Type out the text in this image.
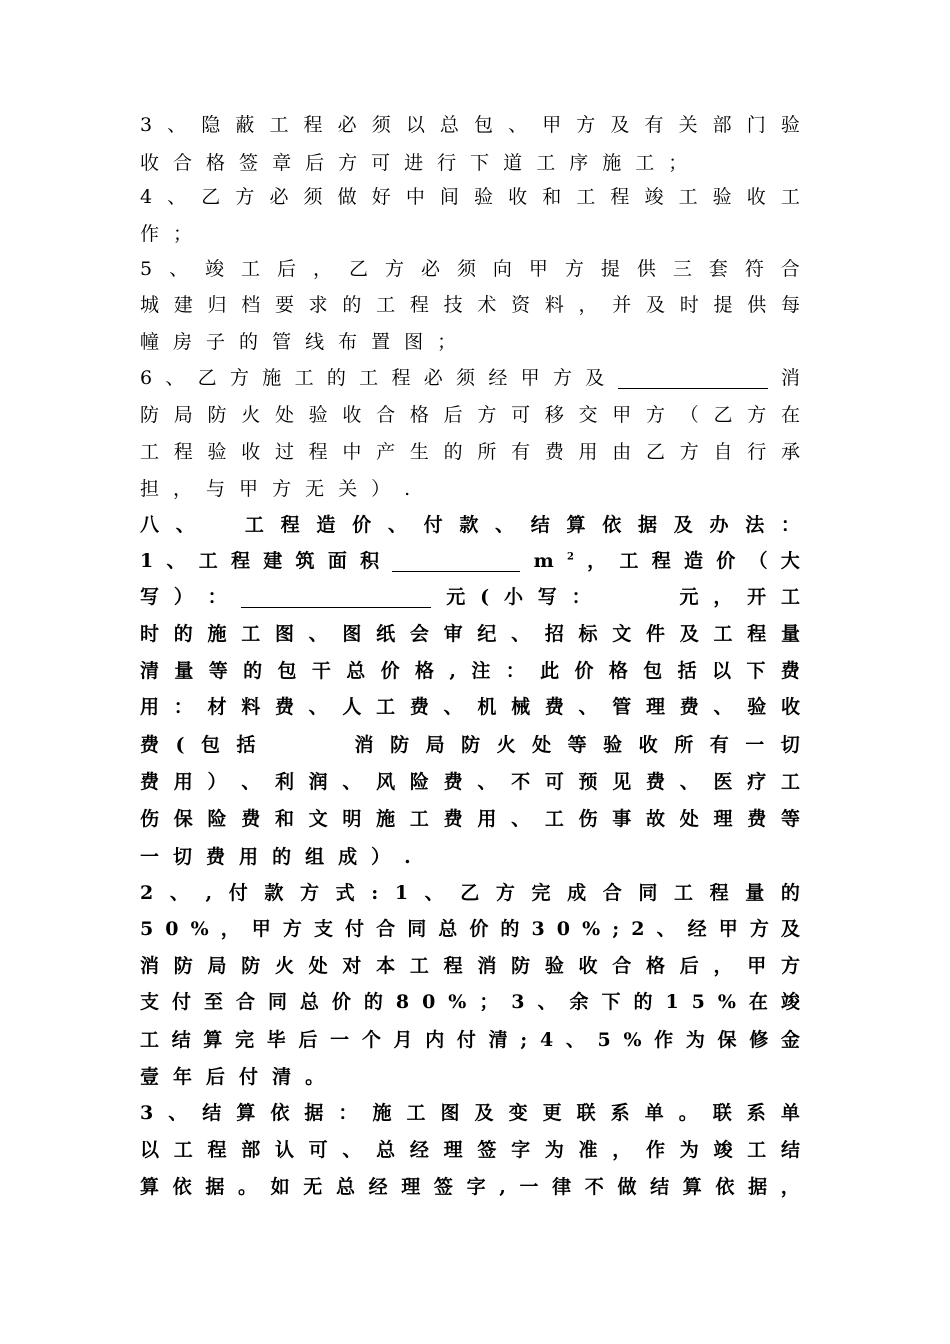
3 、 隐 蔽 工 程 必 须 以 总 包 、 甲 方 及 有 关 部 门 验
收 合 格 签 章 后 方 可 进 行 下 道 工 序 施 工 ；
4 、 乙 方 必 须 做 好 中 间 验 收 和 工 程 竣 工 验 收 工
作 ；
5 、 竣 工 后 ， 乙 方 必 须 向 甲 方 提 供 三 套 符 合
城 建 归 档 要 求 的 工 程 技 术 资 料 ， 并 及 时 提 供 每
幢 房 子 的 管 线 布 置 图 ；
6 、 乙 方 施 工 的 工 程 必 须 经 甲 方 及	消
防 局 防 火 处 验 收 合 格 后 方 可 移 交 甲 方 （ 乙 方 在
工 程 验 收 过 程 中 产 生 的 所 有 费 用 由 乙 方 自 行 承
担 ， 与 甲 方 无 关 ） .
八 、	工 程 造 价 、 付 款 、 结 算 依 据 及 办 法 ：
1 、 工 程 建 筑 面 积	m $^2$ ， 工 程 造 价 （ 大
写 ） ：	元 ( 小 写 ：	元 ， 开 工
时 的 施 工 图 、 图 纸 会 审 纪 、 招 标 文 件 及 工 程 量
清 量 等 的 包 干 总 价 格 , 注 ： 此 价 格 包 括 以 下 费
用 ： 材 料 费 、 人 工 费 、 机 械 费 、 管 理 费 、 验 收
费 ( 包 括	消 防 局 防 火 处 等 验 收 所 有 一 切
费 用 ） 、 利 润 、 风 险 费 、 不 可 预 见 费 、 医 疗 工
伤 保 险 费 和 文 明 施 工 费 用 、 工 伤 事 故 处 理 费 等
一 切 费 用 的 组 成 ） .
2 、 , 付 款 方 式 : 1 、 乙 方 完 成 合 同 工 程 量 的
5 0 % ， 甲 方 支 付 合 同 总 价 的 3 0 % ; 2 、 经 甲 方 及
消 防 局 防 火 处 对 本 工 程 消 防 验 收 合 格 后 ， 甲 方
支 付 至 合 同 总 价 的 8 0 % ； 3 、 余 下 的 1 5 % 在 竣
工 结 算 完 毕 后 一 个 月 内 付 清 ; 4 、 5 % 作 为 保 修 金
壹 年 后 付 清 。
3 、 结 算 依 据 ： 施 工 图 及 变 更 联 系 单 。 联 系 单
以 工 程 部 认 可 、 总 经 理 签 字 为 准 ， 作 为 竣 工 结
算 依 据 。 如 无 总 经 理 签 字 , 一 律 不 做 结 算 依 据 ，
